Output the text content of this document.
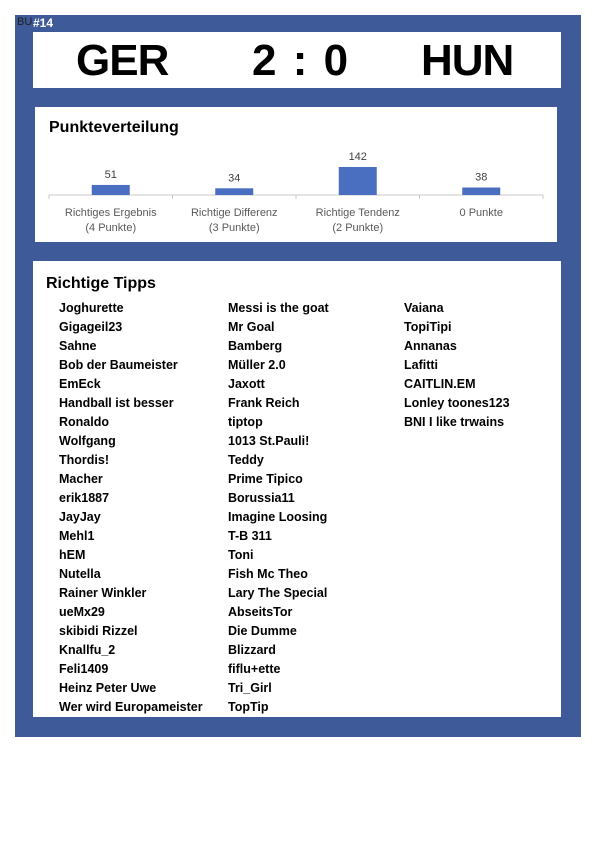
BU #14
GER 2 : 0 HUN
Punkteverteilung
51
Richtiges Ergebnis
(4 Punkte)
34
Richtige Differenz
(3 Punkte)
142
Richtige Tendenz
(2 Punkte)
38
0 Punkte
Richtige Tipps
Joghurette
Gigageil23
Sahne
Bob der Baumeister
EmEck
Handball ist besser
Ronaldo
Wolfgang
Thordis!
Macher
erik1887
JayJay
Mehl1
hEM
Nutella
Rainer Winkler
ueMx29
skibidi Rizzel
Knallfu_2
Feli1409
Heinz Peter Uwe
Wer wird Europameister
Messi is the goat
Mr Goal
Bamberg
Müller 2.0
Jaxott
Frank Reich
tiptop
1013 St.Pauli!
Teddy
Prime Tipico
Borussia11
Imagine Loosing
T-B 311
Toni
Fish Mc Theo
Lary The Special
AbseitsTor
Die Dumme
Blizzard
fiflu+ette
Tri_Girl
TopTip
Vaiana
TopiTipi
Annanas
Lafitti
CAITLIN.EM
Lonley toones123
BNI I like trwains
